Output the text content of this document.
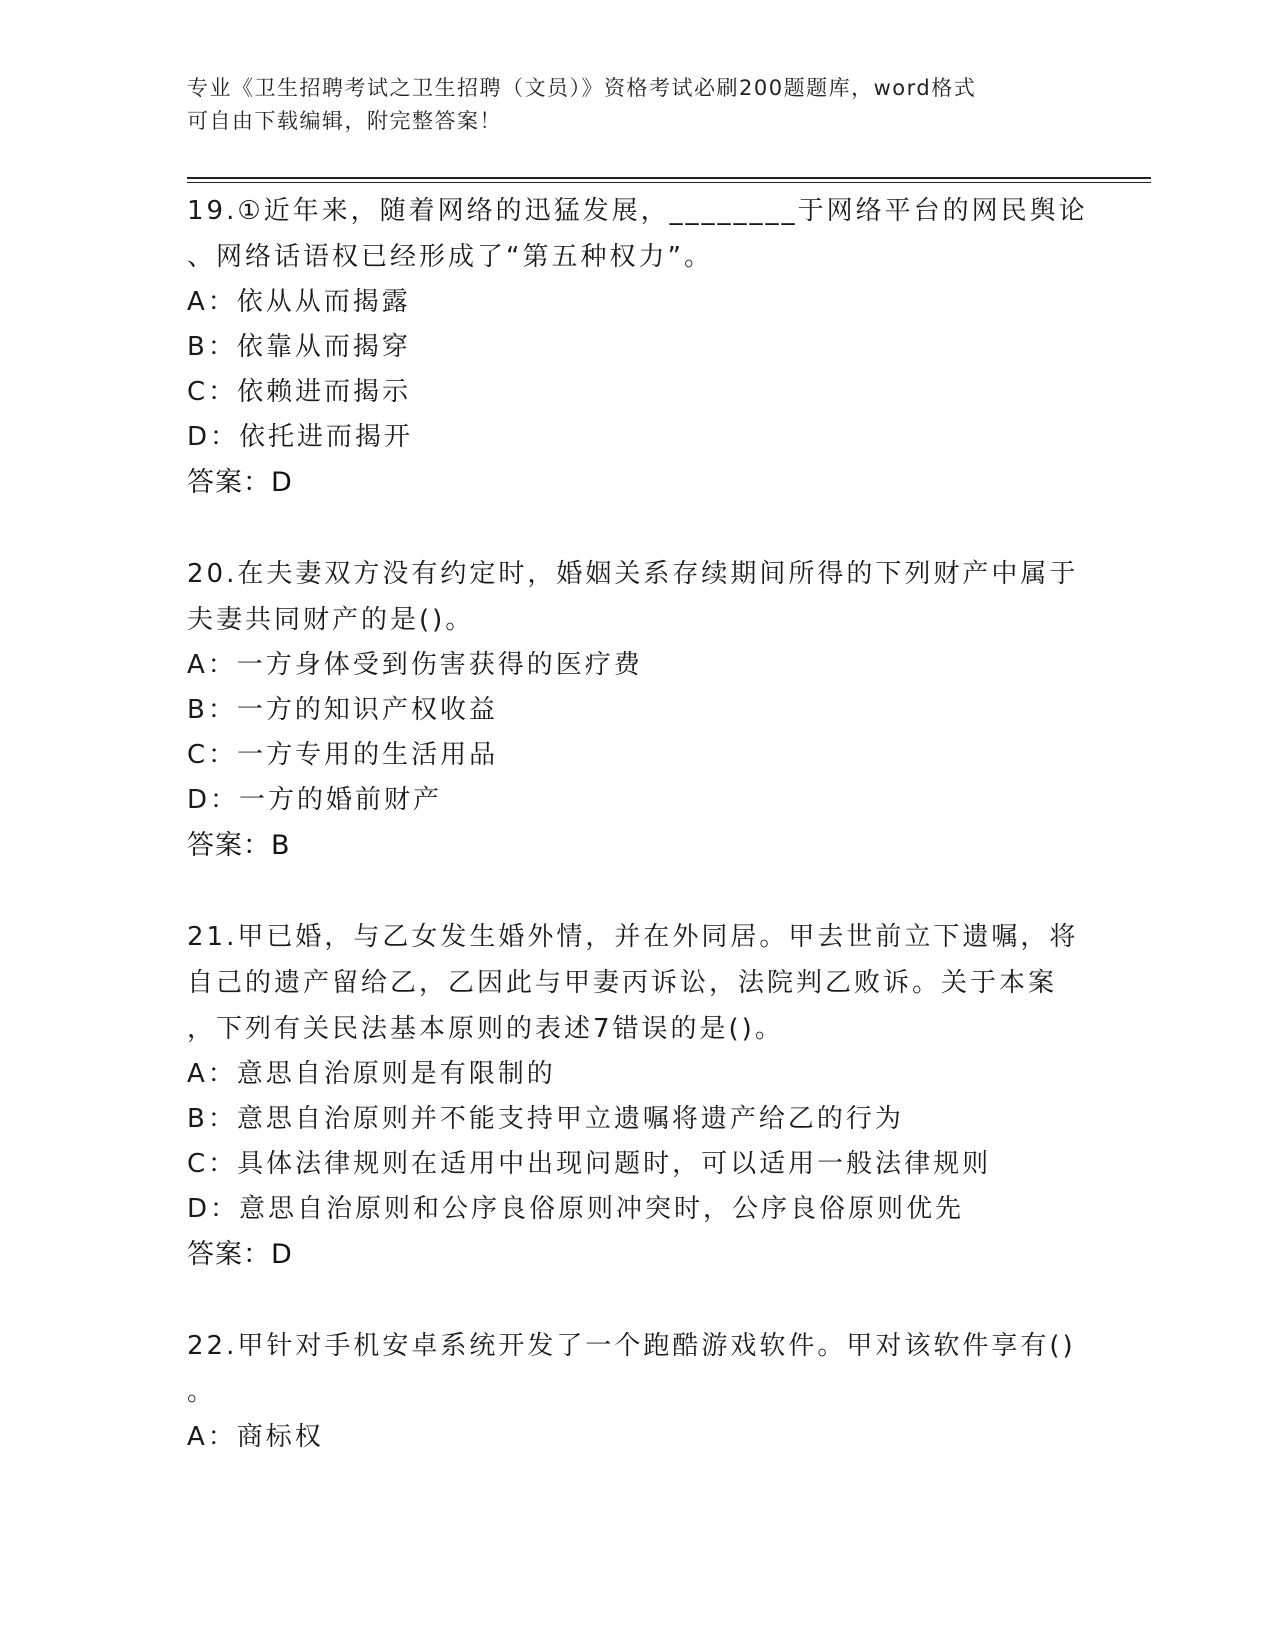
专业《卫生招聘考试之卫生招聘（文员）》资格考试必刷200题题库，word格式
可自由下载编辑，附完整答案！
19.①近年来，随着网络的迅猛发展，________于网络平台的网民舆论
、网络话语权已经形成了“第五种权力”。
A：依从从而揭露
B：依靠从而揭穿
C：依赖进而揭示
D：依托进而揭开
答案：D
20.在夫妻双方没有约定时，婚姻关系存续期间所得的下列财产中属于
夫妻共同财产的是()。
A：一方身体受到伤害获得的医疗费
B：一方的知识产权收益
C：一方专用的生活用品
D：一方的婚前财产
答案：B
21.甲已婚，与乙女发生婚外情，并在外同居。甲去世前立下遗嘱，将
自己的遗产留给乙，乙因此与甲妻丙诉讼，法院判乙败诉。关于本案
，下列有关民法基本原则的表述7错误的是()。
A：意思自治原则是有限制的
B：意思自治原则并不能支持甲立遗嘱将遗产给乙的行为
C：具体法律规则在适用中出现问题时，可以适用一般法律规则
D：意思自治原则和公序良俗原则冲突时，公序良俗原则优先
答案：D
22.甲针对手机安卓系统开发了一个跑酷游戏软件。甲对该软件享有()
。
A：商标权
